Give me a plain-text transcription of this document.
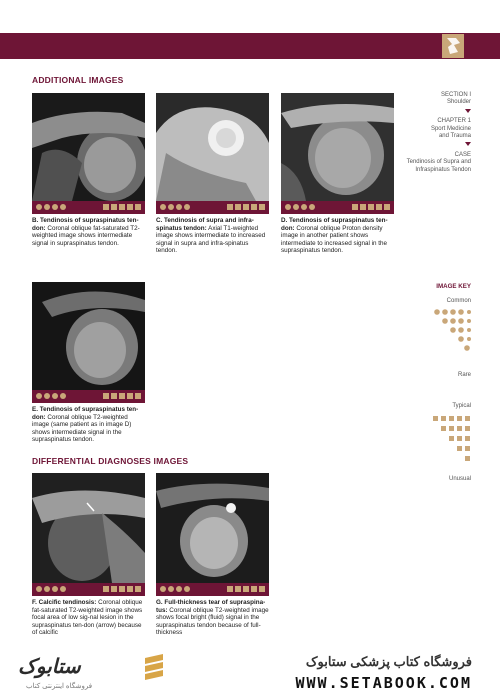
ADDITIONAL IMAGES
B. Tendinosis of supraspinatus ten-don: Coronal oblique fat-saturated T2-weighted image shows intermediate signal in supraspinatus tendon.
C. Tendinosis of supra and infra-spinatus tendon: Axial T1-weighted image shows intermediate to increased signal in supra and infra-spinatus tendon.
D. Tendinosis of supraspinatus ten-don: Coronal oblique Proton density image in another patient shows intermediate to increased signal in the supraspinatus tendon.
E. Tendinosis of supraspinatus ten-don: Coronal oblique T2-weighted image (same patient as in image D) shows intermediate signal in the supraspinatus tendon.
DIFFERENTIAL DIAGNOSES IMAGES
F. Calcific tendinosis: Coronal oblique fat-saturated T2-weighted image shows focal area of low sig-nal lesion in the supraspinatus ten-don (arrow) because of calcific
G. Full-thickness tear of supraspina-tus: Coronal oblique T2-weighted image shows focal bright (fluid) signal in the supraspinatus tendon because of full-thickness
SECTION I
Shoulder
CHAPTER 1
Sport Medicine
and Trauma
CASE
Tendinosis of Supra and
Infraspinatus Tendon
IMAGE KEY
Common
Rare
Typical
Unusual
ستابوک
فروشگاه اینترنتی کتاب
فروشگاه کتاب پزشکی ستابوک
WWW.SETABOOK.COM
